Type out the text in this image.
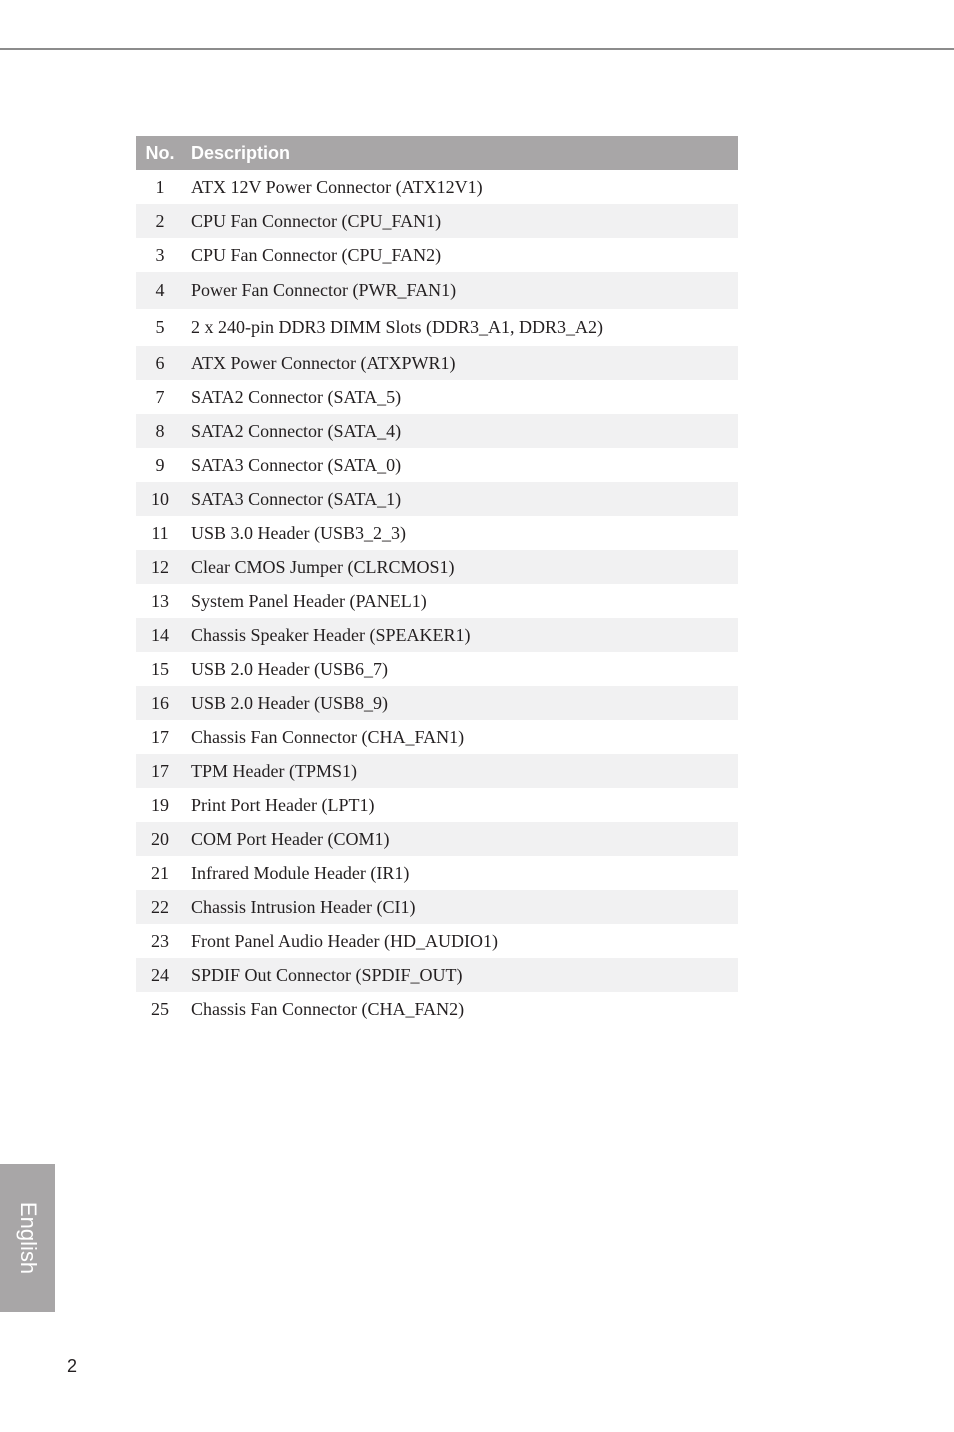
No. Description
1	ATX 12V Power Connector (ATX12V1)
2	CPU Fan Connector (CPU_FAN1)
3	CPU Fan Connector (CPU_FAN2)
4	Power Fan Connector (PWR_FAN1)
5	2 x 240-pin DDR3 DIMM Slots (DDR3_A1, DDR3_A2)
6	ATX Power Connector (ATXPWR1)
7	SATA2 Connector (SATA_5)
8	SATA2 Connector (SATA_4)
9	SATA3 Connector (SATA_0)
10	SATA3 Connector (SATA_1)
11	USB 3.0 Header (USB3_2_3)
12	Clear CMOS Jumper (CLRCMOS1)
13	System Panel Header (PANEL1)
14	Chassis Speaker Header (SPEAKER1)
15	USB 2.0 Header (USB6_7)
16	USB 2.0 Header (USB8_9)
17	Chassis Fan Connector (CHA_FAN1)
17	TPM Header (TPMS1)
19	Print Port Header (LPT1)
20	COM Port Header (COM1)
21	Infrared Module Header (IR1)
22	Chassis Intrusion Header (CI1)
23	Front Panel Audio Header (HD_AUDIO1)
24	SPDIF Out Connector (SPDIF_OUT)
25	Chassis Fan Connector (CHA_FAN2)
English
2
